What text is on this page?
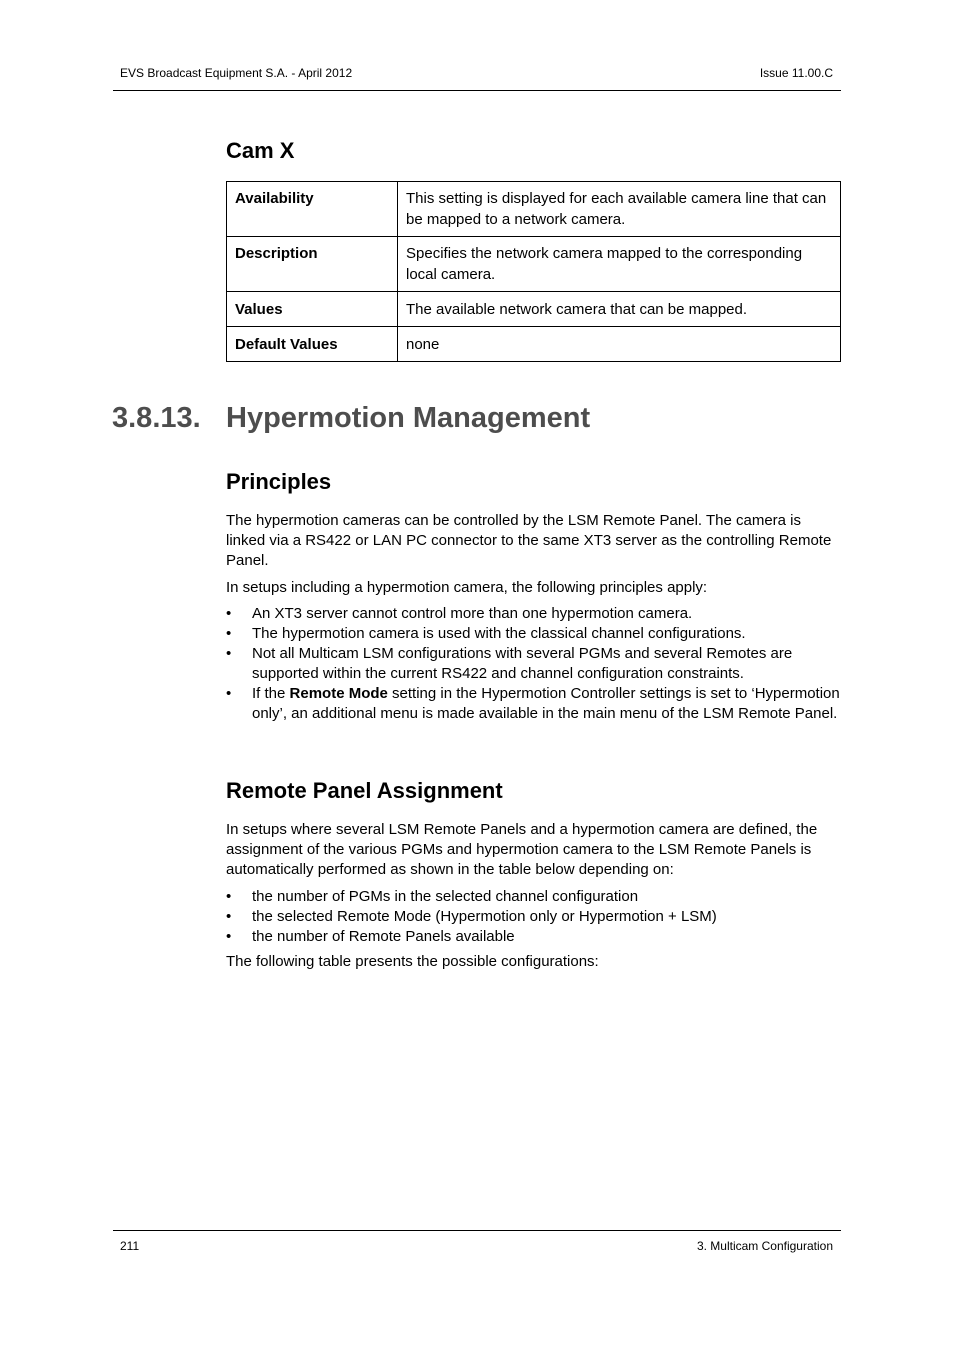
EVS Broadcast Equipment S.A. - April 2012	Issue 11.00.C
Cam X
Availability	This setting is displayed for each available camera line that can be mapped to a network camera.
Description	Specifies the network camera mapped to the corresponding local camera.
Values	The available network camera that can be mapped.
Default Values	none
3.8.13. Hypermotion Management
Principles

The hypermotion cameras can be controlled by the LSM Remote Panel. The camera is linked via a RS422 or LAN PC connector to the same XT3 server as the controlling Remote Panel.

In setups including a hypermotion camera, the following principles apply:

•	An XT3 server cannot control more than one hypermotion camera.
•	The hypermotion camera is used with the classical channel configurations.
•	Not all Multicam LSM configurations with several PGMs and several Remotes are supported within the current RS422 and channel configuration constraints.
•	If the Remote Mode setting in the Hypermotion Controller settings is set to ‘Hypermotion only’, an additional menu is made available in the main menu of the LSM Remote Panel.
Remote Panel Assignment

In setups where several LSM Remote Panels and a hypermotion camera are defined, the assignment of the various PGMs and hypermotion camera to the LSM Remote Panels is automatically performed as shown in the table below depending on:

•	the number of PGMs in the selected channel configuration
•	the selected Remote Mode (Hypermotion only or Hypermotion + LSM)
•	the number of Remote Panels available

The following table presents the possible configurations:

211	3. Multicam Configuration
